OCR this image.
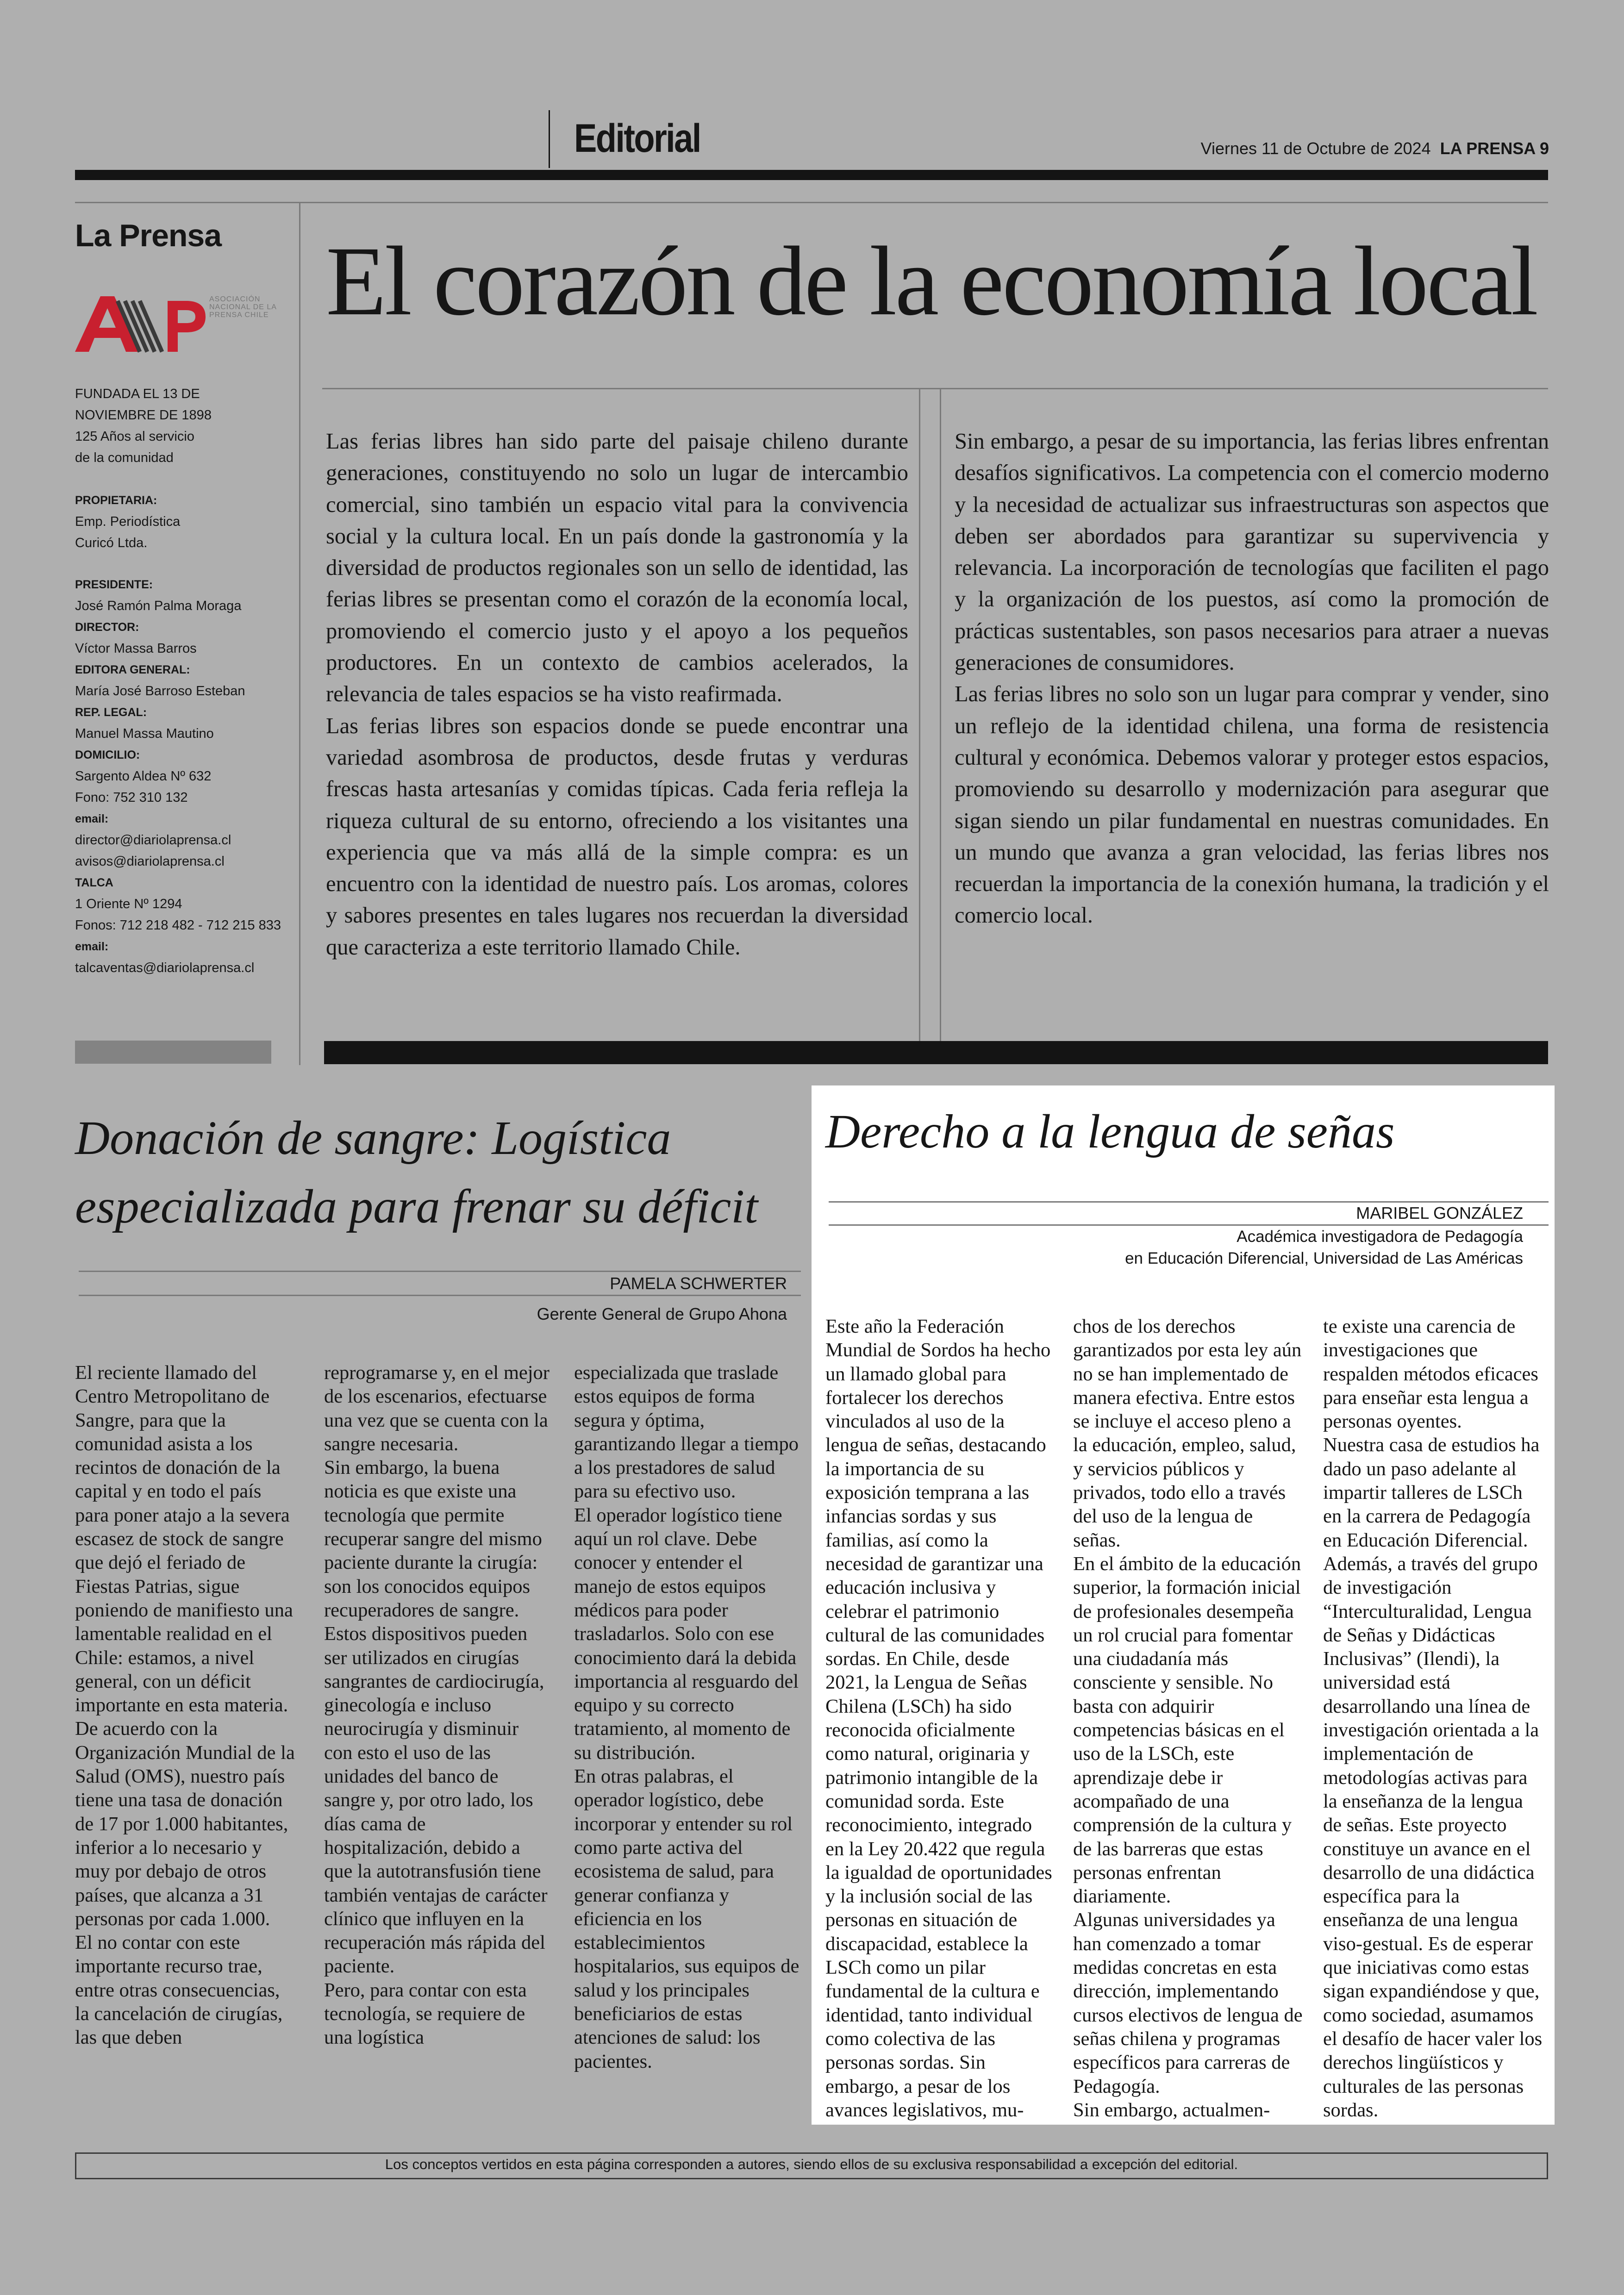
Editorial	Viernes 11 de Octubre de 2024 LA PRENSA 9
La Prensa
ASOCIACIÓN NACIONAL DE LA PRENSA CHILE
FUNDADA EL 13 DE
NOVIEMBRE DE 1898
125 Años al servicio
de la comunidad
PROPIETARIA:
Emp. Periodística
Curicó Ltda.
PRESIDENTE:
José Ramón Palma Moraga
DIRECTOR:
Víctor Massa Barros
EDITORA GENERAL:
María José Barroso Esteban
REP. LEGAL:
Manuel Massa Mautino
DOMICILIO:
Sargento Aldea Nº 632
Fono: 752 310 132
email:
director@diariolaprensa.cl
avisos@diariolaprensa.cl
TALCA
1 Oriente Nº 1294
Fonos: 712 218 482 - 712 215 833
email:
talcaventas@diariolaprensa.cl
El corazón de la economía local

Las ferias libres han sido parte del paisaje chileno durante generaciones, constituyendo no solo un lugar de intercambio comercial, sino también un espacio vital para la convivencia social y la cultura local. En un país donde la gastronomía y la diversidad de productos regionales son un sello de identidad, las ferias libres se presentan como el corazón de la economía local, promoviendo el comercio justo y el apoyo a los pequeños productores. En un contexto de cambios acelerados, la relevancia de tales espacios se ha visto reafirmada.

Las ferias libres son espacios donde se puede encontrar una variedad asombrosa de productos, desde frutas y verduras frescas hasta artesanías y comidas típicas. Cada feria refleja la riqueza cultural de su entorno, ofreciendo a los visitantes una experiencia que va más allá de la simple compra: es un encuentro con la identidad de nuestro país. Los aromas, colores y sabores presentes en tales lugares nos recuerdan la diversidad que caracteriza a este territorio llamado Chile.

Sin embargo, a pesar de su importancia, las ferias libres enfrentan desafíos significativos. La competencia con el comercio moderno y la necesidad de actualizar sus infraestructuras son aspectos que deben ser abordados para garantizar su supervivencia y relevancia. La incorporación de tecnologías que faciliten el pago y la organización de los puestos, así como la promoción de prácticas sustentables, son pasos necesarios para atraer a nuevas generaciones de consumidores.

Las ferias libres no solo son un lugar para comprar y vender, sino un reflejo de la identidad chilena, una forma de resistencia cultural y económica. Debemos valorar y proteger estos espacios, promoviendo su desarrollo y modernización para asegurar que sigan siendo un pilar fundamental en nuestras comunidades. En un mundo que avanza a gran velocidad, las ferias libres nos recuerdan la importancia de la conexión humana, la tradición y el comercio local.

Donación de sangre: Logística especializada para frenar su déficit
PAMELA SCHWERTER
Gerente General de Grupo Ahona

El reciente llamado del Centro Metropolitano de Sangre, para que la comunidad asista a los recintos de donación de la capital y en todo el país para poner atajo a la severa escasez de stock de sangre que dejó el feriado de Fiestas Patrias, sigue poniendo de manifiesto una lamentable realidad en el Chile: estamos, a nivel general, con un déficit importante en esta materia.

De acuerdo con la Organización Mundial de la Salud (OMS), nuestro país tiene una tasa de donación de 17 por 1.000 habitantes, inferior a lo necesario y muy por debajo de otros países, que alcanza a 31 personas por cada 1.000.

El no contar con este importante recurso trae, entre otras consecuencias, la cancelación de cirugías, las que deben

reprogramarse y, en el mejor de los escenarios, efectuarse una vez que se cuenta con la sangre necesaria.

Sin embargo, la buena noticia es que existe una tecnología que permite recuperar sangre del mismo paciente durante la cirugía: son los conocidos equipos recuperadores de sangre. Estos dispositivos pueden ser utilizados en cirugías sangrantes de cardiocirugía, ginecología e incluso neurocirugía y disminuir con esto el uso de las unidades del banco de sangre y, por otro lado, los días cama de hospitalización, debido a que la autotransfusión tiene también ventajas de carácter clínico que influyen en la recuperación más rápida del paciente.

Pero, para contar con esta tecnología, se requiere de una logística

especializada que traslade estos equipos de forma segura y óptima, garantizando llegar a tiempo a los prestadores de salud para su efectivo uso.

El operador logístico tiene aquí un rol clave. Debe conocer y entender el manejo de estos equipos médicos para poder trasladarlos. Solo con ese conocimiento dará la debida importancia al resguardo del equipo y su correcto tratamiento, al momento de su distribución.

En otras palabras, el operador logístico, debe incorporar y entender su rol como parte activa del ecosistema de salud, para generar confianza y eficiencia en los establecimientos hospitalarios, sus equipos de salud y los principales beneficiarios de estas atenciones de salud: los pacientes.

Derecho a la lengua de señas
MARIBEL GONZÁLEZ
Académica investigadora de Pedagogía
en Educación Diferencial, Universidad de Las Américas

Este año la Federación Mundial de Sordos ha hecho un llamado global para fortalecer los derechos vinculados al uso de la lengua de señas, destacando la importancia de su exposición temprana a las infancias sordas y sus familias, así como la necesidad de garantizar una educación inclusiva y celebrar el patrimonio cultural de las comunidades sordas. En Chile, desde 2021, la Lengua de Señas Chilena (LSCh) ha sido reconocida oficialmente como natural, originaria y patrimonio intangible de la comunidad sorda. Este reconocimiento, integrado en la Ley 20.422 que regula la igualdad de oportunidades y la inclusión social de las personas en situación de discapacidad, establece la LSCh como un pilar fundamental de la cultura e identidad, tanto individual como colectiva de las personas sordas. Sin embargo, a pesar de los avances legislativos, mu-

chos de los derechos garantizados por esta ley aún no se han implementado de manera efectiva. Entre estos se incluye el acceso pleno a la educación, empleo, salud, y servicios públicos y privados, todo ello a través del uso de la lengua de señas.

En el ámbito de la educación superior, la formación inicial de profesionales desempeña un rol crucial para fomentar una ciudadanía más consciente y sensible. No basta con adquirir competencias básicas en el uso de la LSCh, este aprendizaje debe ir acompañado de una comprensión de la cultura y de las barreras que estas personas enfrentan diariamente.

Algunas universidades ya han comenzado a tomar medidas concretas en esta dirección, implementando cursos electivos de lengua de señas chilena y programas específicos para carreras de Pedagogía.

Sin embargo, actualmen-

te existe una carencia de investigaciones que respalden métodos eficaces para enseñar esta lengua a personas oyentes.

Nuestra casa de estudios ha dado un paso adelante al impartir talleres de LSCh en la carrera de Pedagogía en Educación Diferencial. Además, a través del grupo de investigación “Interculturalidad, Lengua de Señas y Didácticas Inclusivas” (Ilendi), la universidad está desarrollando una línea de investigación orientada a la implementación de metodologías activas para la enseñanza de la lengua de señas. Este proyecto constituye un avance en el desarrollo de una didáctica específica para la enseñanza de una lengua viso-gestual. Es de esperar que iniciativas como estas sigan expandiéndose y que, como sociedad, asumamos el desafío de hacer valer los derechos lingüísticos y culturales de las personas sordas.

Los conceptos vertidos en esta página corresponden a autores, siendo ellos de su exclusiva responsabilidad a excepción del editorial.
